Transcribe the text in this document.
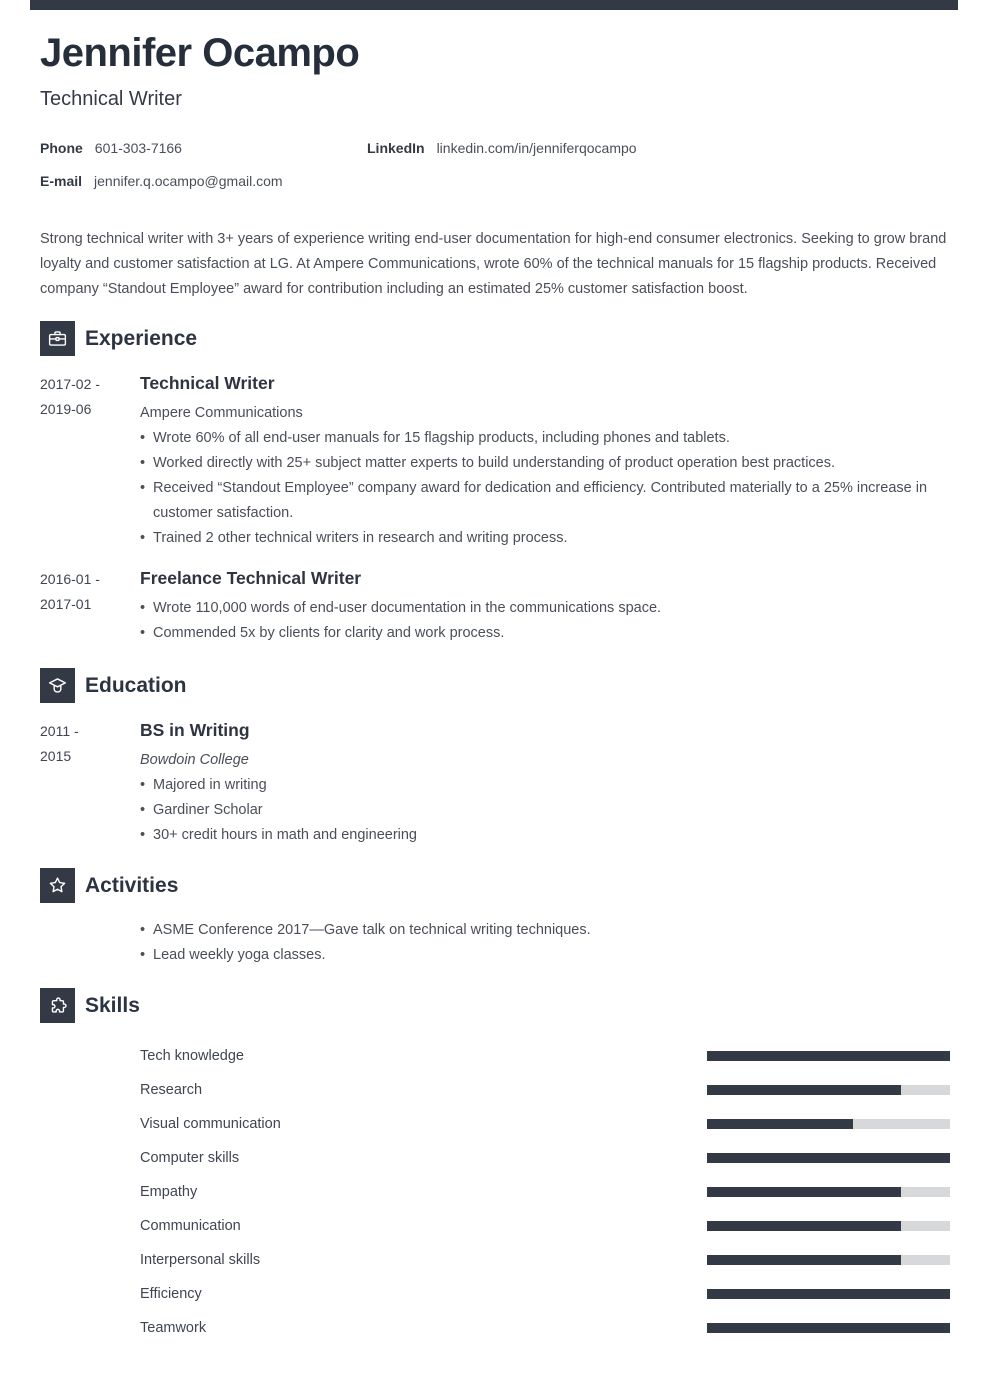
Jennifer Ocampo
Technical Writer
Phone 601-303-7166	LinkedIn linkedin.com/in/jenniferqocampo
E-mail jennifer.q.ocampo@gmail.com
Strong technical writer with 3+ years of experience writing end-user documentation for high-end consumer electronics. Seeking to grow brand loyalty and customer satisfaction at LG. At Ampere Communications, wrote 60% of the technical manuals for 15 flagship products. Received company “Standout Employee” award for contribution including an estimated 25% customer satisfaction boost.
Experience
2017-02 -
2019-06
Technical Writer
Ampere Communications
• Wrote 60% of all end-user manuals for 15 flagship products, including phones and tablets.
• Worked directly with 25+ subject matter experts to build understanding of product operation best practices.
• Received “Standout Employee” company award for dedication and efficiency. Contributed materially to a 25% increase in customer satisfaction.
• Trained 2 other technical writers in research and writing process.
2016-01 -
2017-01
Freelance Technical Writer
• Wrote 110,000 words of end-user documentation in the communications space.
• Commended 5x by clients for clarity and work process.
Education
2011 -
2015
BS in Writing
Bowdoin College
• Majored in writing
• Gardiner Scholar
• 30+ credit hours in math and engineering
Activities
• ASME Conference 2017—Gave talk on technical writing techniques.
• Lead weekly yoga classes.
Skills
Tech knowledge
Research
Visual communication
Computer skills
Empathy
Communication
Interpersonal skills
Efficiency
Teamwork
